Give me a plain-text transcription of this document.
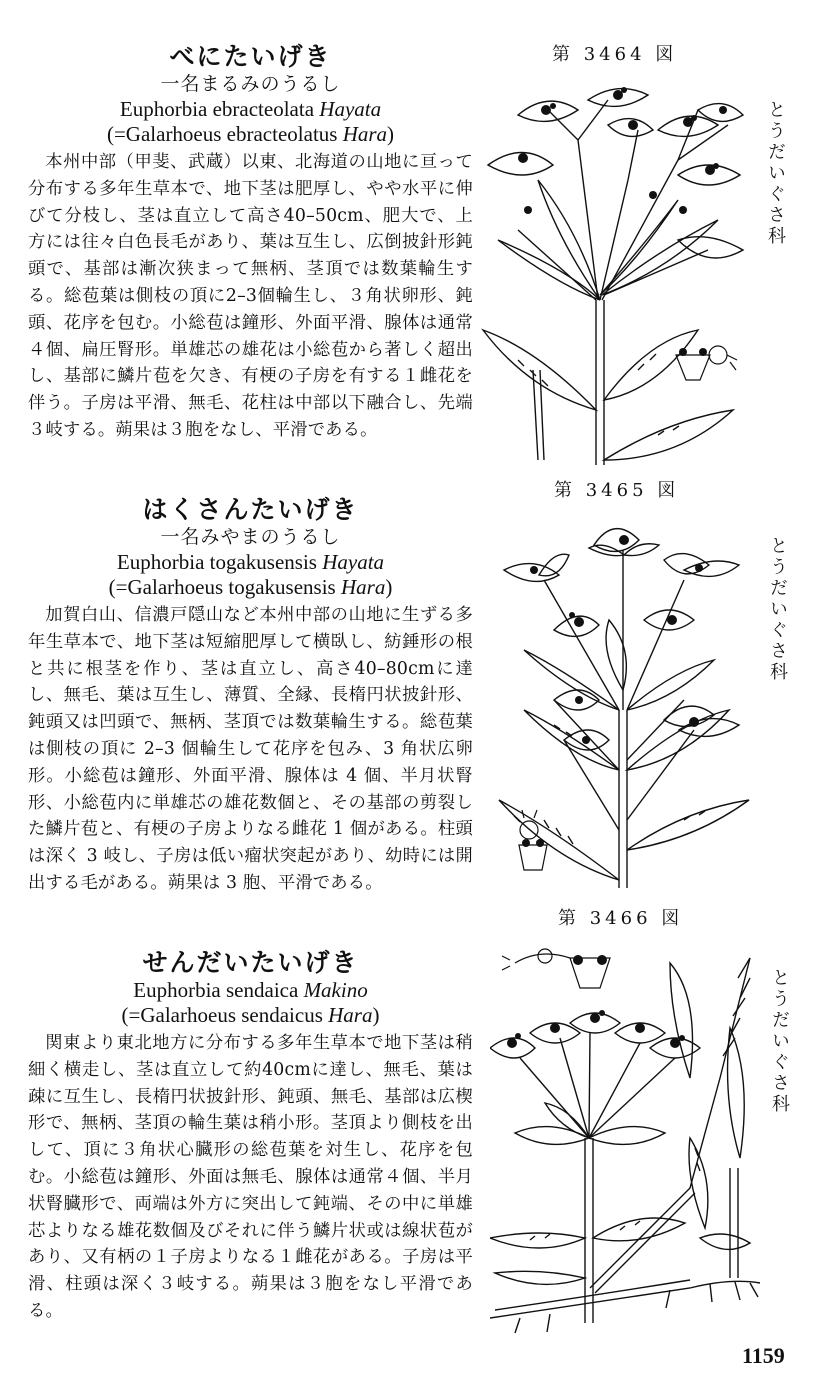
べにたいげき
一名まるみのうるし
Euphorbia ebracteolata Hayata
(=Galarhoeus ebracteolatus Hara)

本州中部（甲斐、武蔵）以東、北海道の山地に亘って分布する多年生草本で、地下茎は肥厚し、やや水平に伸びて分枝し、茎は直立して高さ40–50cm、肥大で、上方には往々白色長毛があり、葉は互生し、広倒披針形鈍頭で、基部は漸次狭まって無柄、茎頂では数葉輪生する。総苞葉は側枝の頂に2–3個輪生し、３角状卵形、鈍頭、花序を包む。小総苞は鐘形、外面平滑、腺体は通常４個、扁圧腎形。単雄芯の雄花は小総苞から著しく超出し、基部に鱗片苞を欠き、有梗の子房を有する１雌花を伴う。子房は平滑、無毛、花柱は中部以下融合し、先端３岐する。蒴果は３胞をなし、平滑である。

はくさんたいげき
一名みやまのうるし
Euphorbia togakusensis Hayata
(=Galarhoeus togakusensis Hara)

加賀白山、信濃戸隠山など本州中部の山地に生ずる多年生草本で、地下茎は短縮肥厚して横臥し、紡錘形の根と共に根茎を作り、茎は直立し、高さ40–80cmに達し、無毛、葉は互生し、薄質、全縁、長楕円状披針形、鈍頭又は凹頭で、無柄、茎頂では数葉輪生する。総苞葉は側枝の頂に 2–3 個輪生して花序を包み、3 角状広卵形。小総苞は鐘形、外面平滑、腺体は 4 個、半月状腎形、小総苞内に単雄芯の雄花数個と、その基部の剪裂した鱗片苞と、有梗の子房よりなる雌花 1 個がある。柱頭は深く 3 岐し、子房は低い瘤状突起があり、幼時には開出する毛がある。蒴果は 3 胞、平滑である。

せんだいたいげき
Euphorbia sendaica Makino
(=Galarhoeus sendaicus Hara)

関東より東北地方に分布する多年生草本で地下茎は稍細く横走し、茎は直立して約40cmに達し、無毛、葉は疎に互生し、長楕円状披針形、鈍頭、無毛、基部は広楔形で、無柄、茎頂の輪生葉は稍小形。茎頂より側枝を出して、頂に３角状心臓形の総苞葉を対生し、花序を包む。小総苞は鐘形、外面は無毛、腺体は通常４個、半月状腎臓形で、両端は外方に突出して鈍端、その中に単雄芯よりなる雄花数個及びそれに伴う鱗片状或は線状苞があり、又有柄の１子房よりなる１雌花がある。子房は平滑、柱頭は深く３岐する。蒴果は３胞をなし平滑である。

第 3464 図
第 3465 図
第 3466 図
とうだいぐさ科
とうだいぐさ科
とうだいぐさ科
1159
